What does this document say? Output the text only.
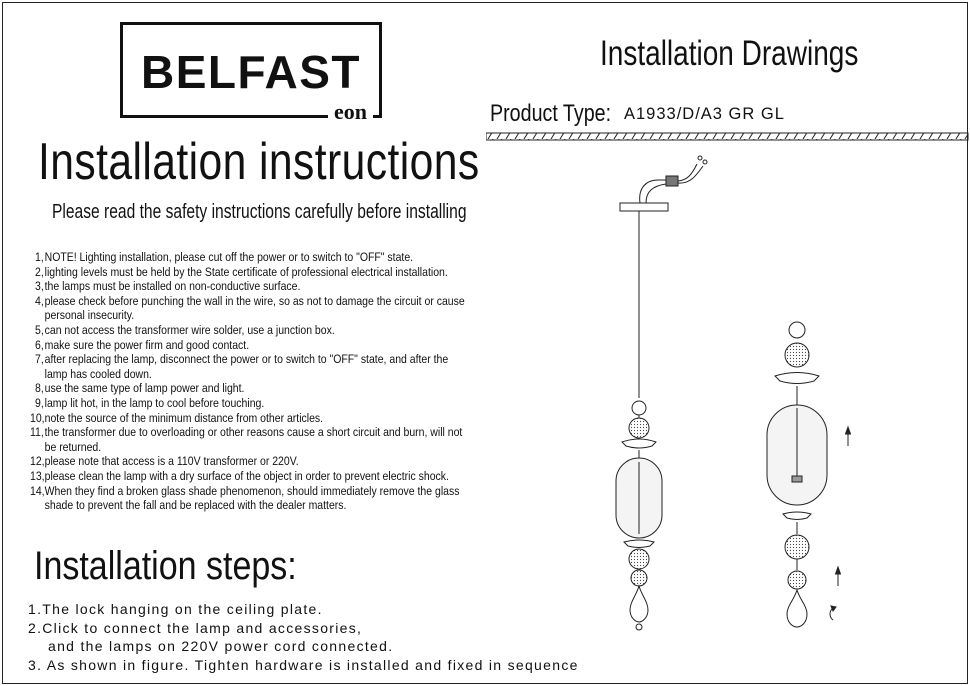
BELFAST
eon
Installation instructions
Please read the safety instructions carefully before installing
1, NOTE! Lighting installation, please cut off the power or to switch to "OFF" state.
2, lighting levels must be held by the State certificate of professional electrical installation.
3, the lamps must be installed on non-conductive surface.
4, please check before punching the wall in the wire, so as not to damage the circuit or cause
personal insecurity.
5, can not access the transformer wire solder, use a junction box.
6, make sure the power firm and good contact.
7, after replacing the lamp, disconnect the power or to switch to "OFF" state, and after the
lamp has cooled down.
8, use the same type of lamp power and light.
9, lamp lit hot, in the lamp to cool before touching.
10, note the source of the minimum distance from other articles.
11, the transformer due to overloading or other reasons cause a short circuit and burn, will not
be returned.
12, please note that access is a 110V transformer or 220V.
13, please clean the lamp with a dry surface of the object in order to prevent electric shock.
14, When they find a broken glass shade phenomenon, should immediately remove the glass
shade to prevent the fall and be replaced with the dealer matters.
Installation steps:
1.The lock hanging on the ceiling plate.
2.Click to connect the lamp and accessories,
and the lamps on 220V power cord connected.
3. As shown in figure. Tighten hardware is installed and fixed in sequence
Installation Drawings
Product Type: A1933/D/A3 GR GL
